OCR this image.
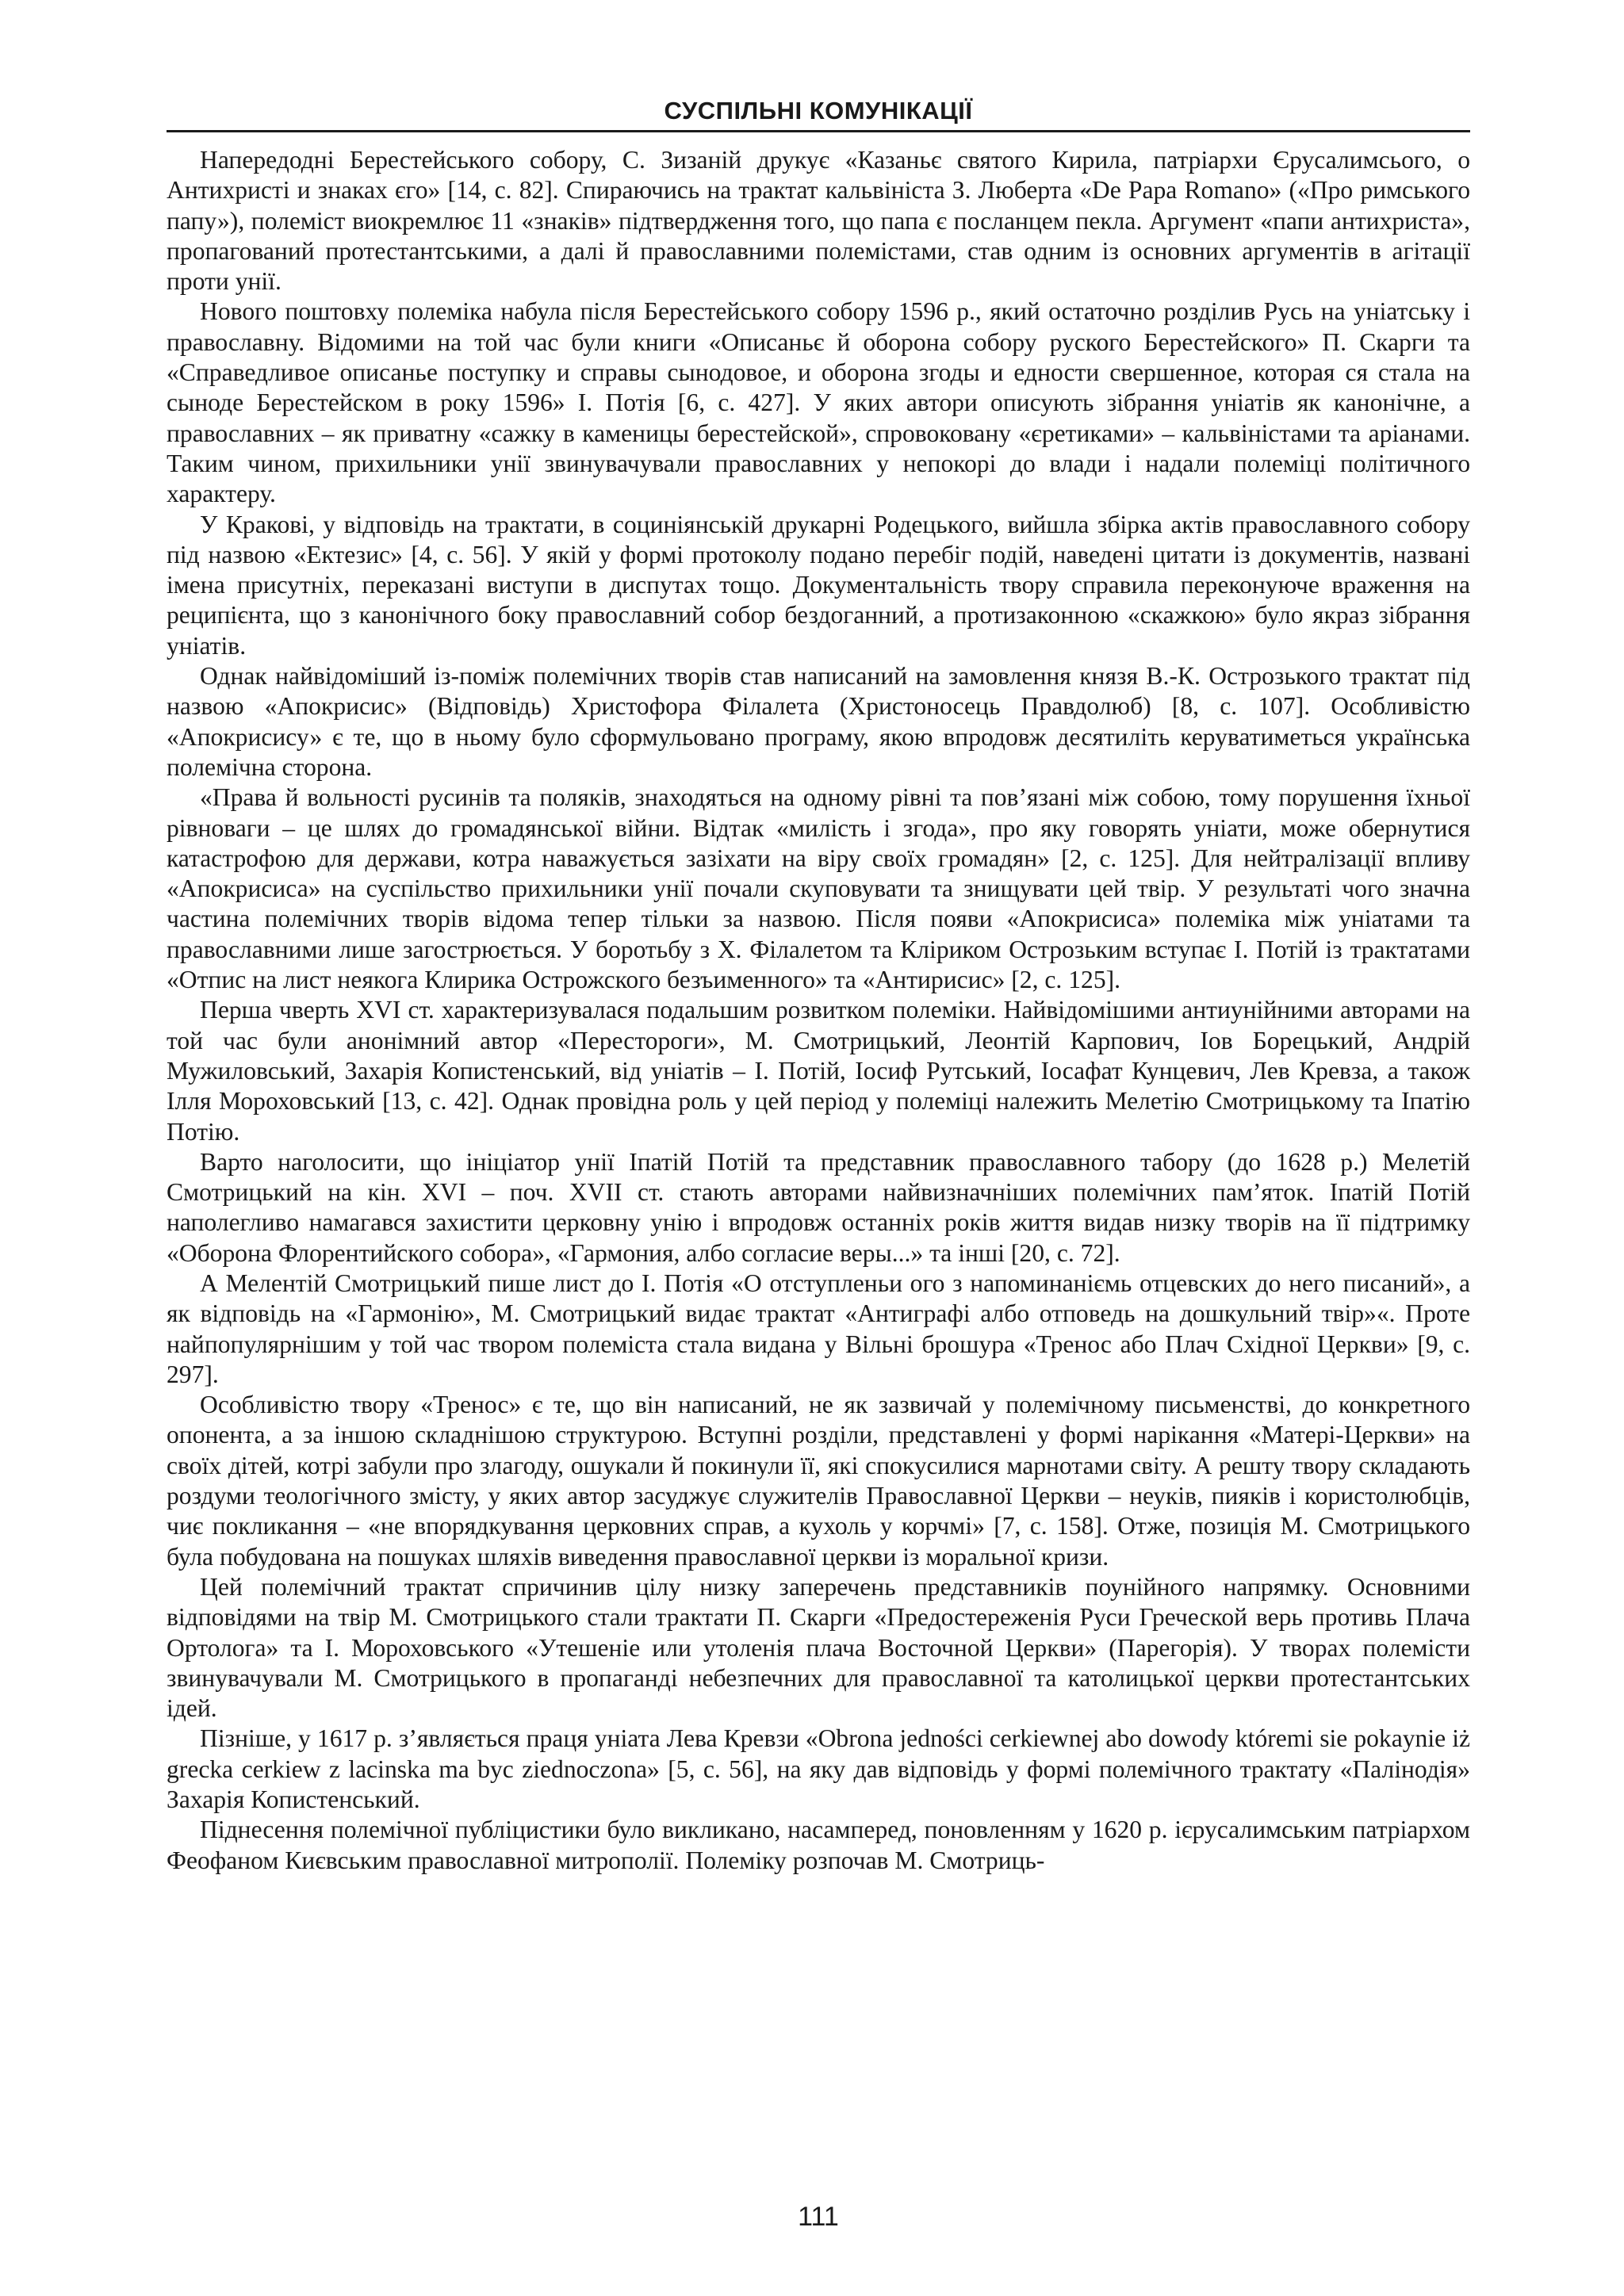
СУСПІЛЬНІ КОМУНІКАЦІЇ

Напередодні Берестейського собору, С. Зизаній друкує «Казаньє святого Кирила, патріархи Єрусалимсього, о Антихристі и знаках єго» [14, с. 82]. Спираючись на трактат кальвініста З. Люберта «De Papa Romano» («Про римського папу»), полеміст виокремлює 11 «знаків» підтвердження того, що папа є посланцем пекла. Аргумент «папи антихриста», пропагований протестантськими, а далі й православними полемістами, став одним із основних аргументів в агітації проти унії.

Нового поштовху полеміка набула після Берестейського собору 1596 р., який остаточно розділив Русь на уніатську і православну. Відомими на той час були книги «Описаньє й оборона собору руского Берестейского» П. Скарги та «Справедливое описанье поступку и справы сынодовое, и оборона згоды и едности свершенное, которая ся стала на сыноде Берестейском в року 1596» І. Потія [6, с. 427]. У яких автори описують зібрання уніатів як канонічне, а православних – як приватну «сажку в каменицы берестейской», спровоковану «єретиками» – кальвіністами та аріанами. Таким чином, прихильники унії звинувачували православних у непокорі до влади і надали полеміці політичного характеру.

У Кракові, у відповідь на трактати, в социніянській друкарні Родецького, вийшла збірка актів православного собору під назвою «Ектезис» [4, с. 56]. У якій у формі протоколу подано перебіг подій, наведені цитати із документів, названі імена присутніх, переказані виступи в диспутах тощо. Документальність твору справила переконуюче враження на реципієнта, що з канонічного боку православний собор бездоганний, а протизаконною «скажкою» було якраз зібрання уніатів.

Однак найвідоміший із-поміж полемічних творів став написаний на замовлення князя В.-К. Острозького трактат під назвою «Апокрисис» (Відповідь) Христофора Філалета (Христоносець Правдолюб) [8, с. 107]. Особливістю «Апокрисису» є те, що в ньому було сформульовано програму, якою впродовж десятиліть керуватиметься українська полемічна сторона.

«Права й вольності русинів та поляків, знаходяться на одному рівні та пов’язані між собою, тому порушення їхньої рівноваги – це шлях до громадянської війни. Відтак «милість і згода», про яку говорять уніати, може обернутися катастрофою для держави, котра наважується зазіхати на віру своїх громадян» [2, с. 125]. Для нейтралізації впливу «Апокрисиса» на суспільство прихильники унії почали скуповувати та знищувати цей твір. У результаті чого значна частина полемічних творів відома тепер тільки за назвою. Після появи «Апокрисиса» полеміка між уніатами та православними лише загострюється. У боротьбу з Х. Філалетом та Кліриком Острозьким вступає І. Потій із трактатами «Отпис на лист неякога Клирика Острожского безъименного» та «Антирисис» [2, с. 125].

Перша чверть XVI ст. характеризувалася подальшим розвитком полеміки. Найвідомішими антиунійними авторами на той час були анонімний автор «Перестороги», М. Смотрицький, Леонтій Карпович, Іов Борецький, Андрій Мужиловський, Захарія Копистенський, від уніатів – І. Потій, Іосиф Рутський, Іосафат Кунцевич, Лев Кревза, а також Ілля Мороховський [13, с. 42]. Однак провідна роль у цей період у полеміці належить Мелетію Смотрицькому та Іпатію Потію.

Варто наголосити, що ініціатор унії Іпатій Потій та представник православного табору (до 1628 р.) Мелетій Смотрицький на кін. XVI – поч. XVII ст. стають авторами найвизначніших полемічних пам’яток. Іпатій Потій наполегливо намагався захистити церковну унію і впродовж останніх років життя видав низку творів на її підтримку «Оборона Флорентийского собора», «Гармония, албо согласие веры...» та інші [20, с. 72].

А Мелентій Смотрицький пише лист до І. Потія «О отступленьи ого з напоминаніємь отцевских до него писаний», а як відповідь на «Гармонію», М. Смотрицький видає трактат «Антиграфі албо отповедь на дошкульний твір»«. Проте найпопулярнішим у той час твором полеміста стала видана у Вільні брошура «Тренос або Плач Східної Церкви» [9, с. 297].

Особливістю твору «Тренос» є те, що він написаний, не як зазвичай у полемічному письменстві, до конкретного опонента, а за іншою складнішою структурою. Вступні розділи, представлені у формі нарікання «Матері-Церкви» на своїх дітей, котрі забули про злагоду, ошукали й покинули її, які спокусилися марнотами світу. А решту твору складають роздуми теологічного змісту, у яких автор засуджує служителів Православної Церкви – неуків, пияків і користолюбців, чиє покликання – «не впорядкування церковних справ, а кухоль у корчмі» [7, с. 158]. Отже, позиція М. Смотрицького була побудована на пошуках шляхів виведення православної церкви із моральної кризи.

Цей полемічний трактат спричинив цілу низку заперечень представників поунійного напрямку. Основними відповідями на твір М. Смотрицького стали трактати П. Скарги «Предостереженія Руси Греческой верь противь Плача Ортолога» та І. Мороховського «Утешеніе или утоленія плача Восточной Церкви» (Парегорія). У творах полемісти звинувачували М. Смотрицького в пропаганді небезпечних для православної та католицької церкви протестантських ідей.

Пізніше, у 1617 р. з’являється праця уніата Лева Кревзи «Obrona jedności cerkiewnej abo dowody którеmi sie pokaynie iż grecka cerkiew z lacinska ma byc ziednoczona» [5, с. 56], на яку дав відповідь у формі полемічного трактату «Палінодія» Захарія Копистенський.

Піднесення полемічної публіцистики було викликано, насамперед, поновленням у 1620 р. ієрусалимським патріархом Феофаном Києвським православної митрополії. Полеміку розпочав М. Смотриць-

111
